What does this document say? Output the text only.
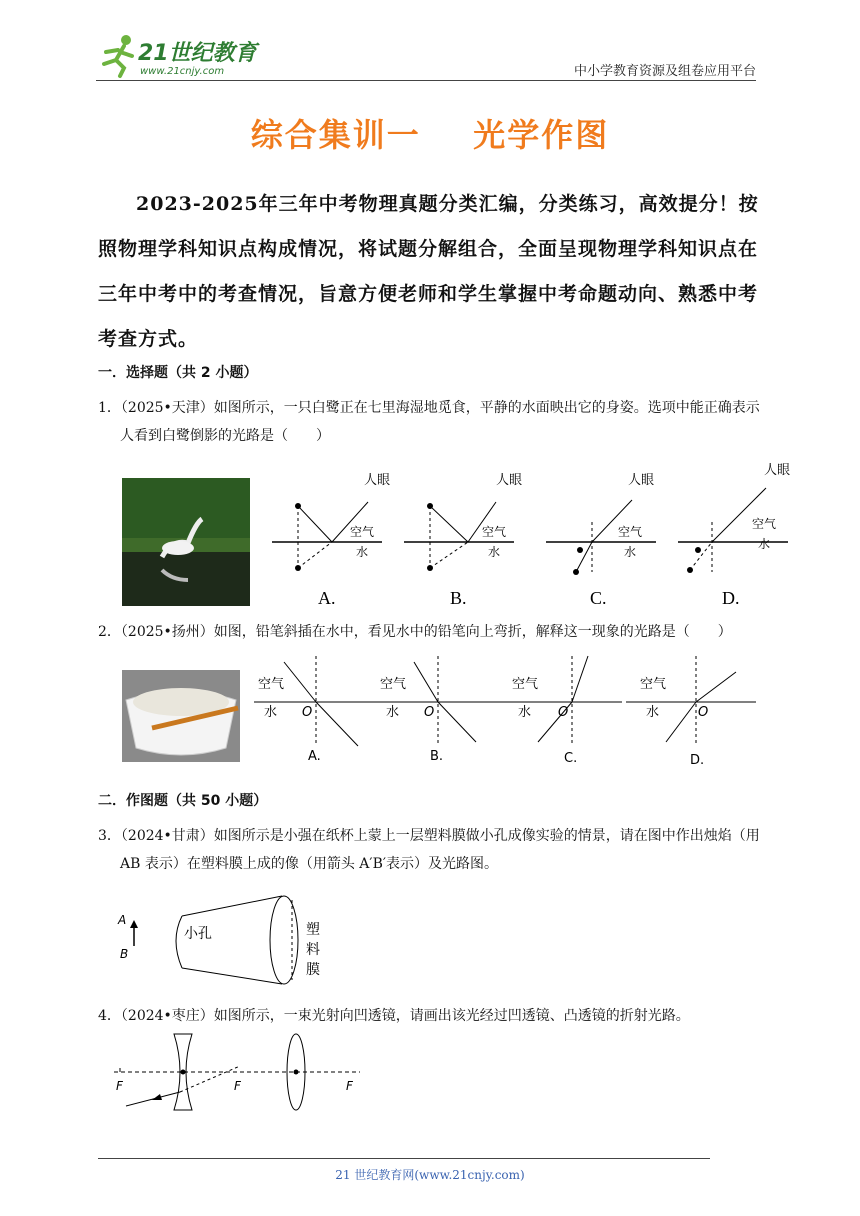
21世纪教育
www.21cnjy.com	中小学教育资源及组卷应用平台
综合集训一    光学作图
2023-2025年三年中考物理真题分类汇编，分类练习，高效提分！按照物理学科知识点构成情况，将试题分解组合，全面呈现物理学科知识点在三年中考中的考查情况，旨意方便老师和学生掌握中考命题动向、熟悉中考考查方式。
一．选择题（共 2 小题）
1．（2025•天津）如图所示，一只白鹭正在七里海湿地觅食，平静的水面映出它的身姿。选项中能正确表示人看到白鹭倒影的光路是（　　）
人眼
空气
水
A.
人眼
空气
水
B.
人眼
空气
水
C.
人眼
空气
水
D.
2．（2025•扬州）如图，铅笔斜插在水中，看见水中的铅笔向上弯折，解释这一现象的光路是（　　）
空气
水 O
A.
空气
水 O
B.
空气
水 O
C.
空气
水	O
D.
二．作图题（共 50 小题）
3．（2024•甘肃）如图所示是小强在纸杯上蒙上一层塑料膜做小孔成像实验的情景，请在图中作出烛焰（用 AB 表示）在塑料膜上成的像（用箭头 A′B′表示）及光路图。
A
B
小孔	塑
料
膜
4．（2024•枣庄）如图所示，一束光射向凹透镜，请画出该光经过凹透镜、凸透镜的折射光路。
F	F	F
21 世纪教育网(www.21cnjy.com)
